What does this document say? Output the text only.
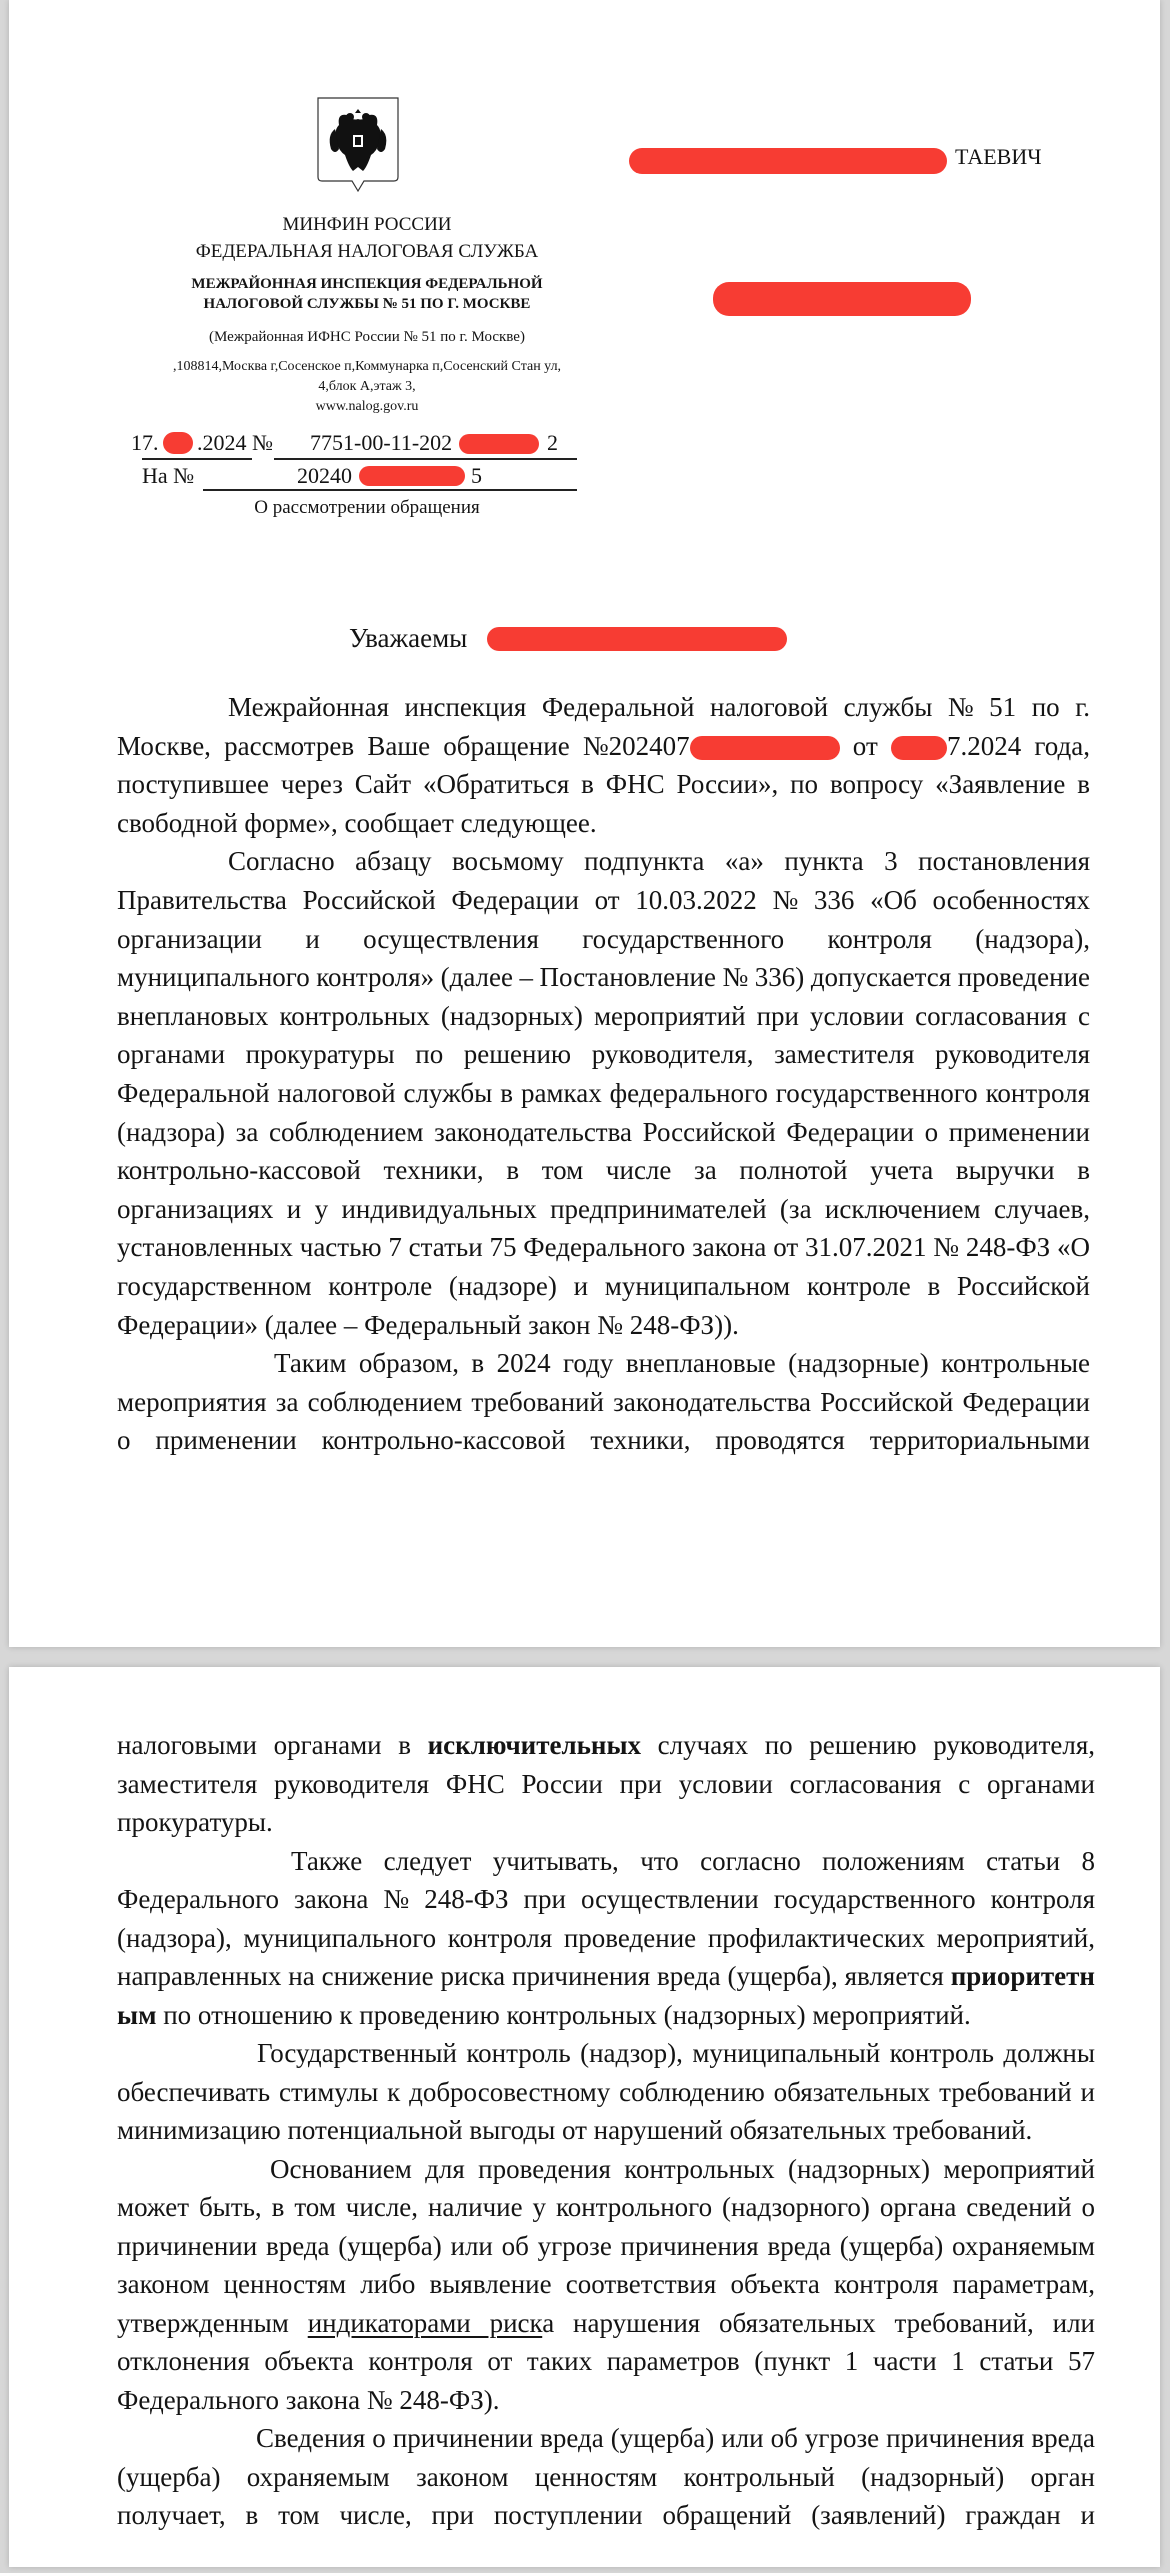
МИНФИН РОССИИ
ФЕДЕРАЛЬНАЯ НАЛОГОВАЯ СЛУЖБА
МЕЖРАЙОННАЯ ИНСПЕКЦИЯ ФЕДЕРАЛЬНОЙ
НАЛОГОВОЙ СЛУЖБЫ № 51 ПО Г. МОСКВЕ
(Межрайонная ИФНС России № 51 по г. Москве)
,108814,Москва г,Сосенское п,Коммунарка п,Сосенский Стан ул,
4,блок А,этаж 3,
www.nalog.gov.ru
17. .2024 № 7751-00-11-202	2
На №	20240	5
О рассмотрении обращения
ТАЕВИЧ
Уважаемы
Межрайонная инспекция Федеральной налоговой службы № 51 по г.
Москве, рассмотрев Ваше обращение №202407	от 7.2024 года,
поступившее через Сайт «Обратиться в ФНС России», по вопросу «Заявление в
свободной форме», сообщает следующее.
Согласно абзацу восьмому подпункта «а» пункта 3 постановления
Правительства Российской Федерации от 10.03.2022 № 336 «Об особенностях
организации и осуществления государственного контроля (надзора),
муниципального контроля» (далее – Постановление № 336) допускается проведение
внеплановых контрольных (надзорных) мероприятий при условии согласования с
органами прокуратуры по решению руководителя, заместителя руководителя
Федеральной налоговой службы в рамках федерального государственного контроля
(надзора) за соблюдением законодательства Российской Федерации о применении
контрольно-кассовой техники, в том числе за полнотой учета выручки в
организациях и у индивидуальных предпринимателей (за исключением случаев,
установленных частью 7 статьи 75 Федерального закона от 31.07.2021 № 248-ФЗ «О
государственном контроле (надзоре) и муниципальном контроле в Российской
Федерации» (далее – Федеральный закон № 248-ФЗ)).
Таким образом, в 2024 году внеплановые (надзорные) контрольные
мероприятия за соблюдением требований законодательства Российской Федерации
о применении контрольно-кассовой техники, проводятся территориальными
налоговыми органами в исключительных случаях по решению руководителя,
заместителя руководителя ФНС России при условии согласования с органами
прокуратуры.
Также следует учитывать, что согласно положениям статьи 8
Федерального закона № 248-ФЗ при осуществлении государственного контроля
(надзора), муниципального контроля проведение профилактических мероприятий,
направленных на снижение риска причинения вреда (ущерба), является приоритетн
ым по отношению к проведению контрольных (надзорных) мероприятий.
Государственный контроль (надзор), муниципальный контроль должны
обеспечивать стимулы к добросовестному соблюдению обязательных требований и
минимизацию потенциальной выгоды от нарушений обязательных требований.
Основанием для проведения контрольных (надзорных) мероприятий
может быть, в том числе, наличие у контрольного (надзорного) органа сведений о
причинении вреда (ущерба) или об угрозе причинения вреда (ущерба) охраняемым
законом ценностям либо выявление соответствия объекта контроля параметрам,
утвержденным индикаторами риска нарушения обязательных требований, или
отклонения объекта контроля от таких параметров (пункт 1 части 1 статьи 57
Федерального закона № 248-ФЗ).
Сведения о причинении вреда (ущерба) или об угрозе причинения вреда
(ущерба) охраняемым законом ценностям контрольный (надзорный) орган
получает, в том числе, при поступлении обращений (заявлений) граждан и
